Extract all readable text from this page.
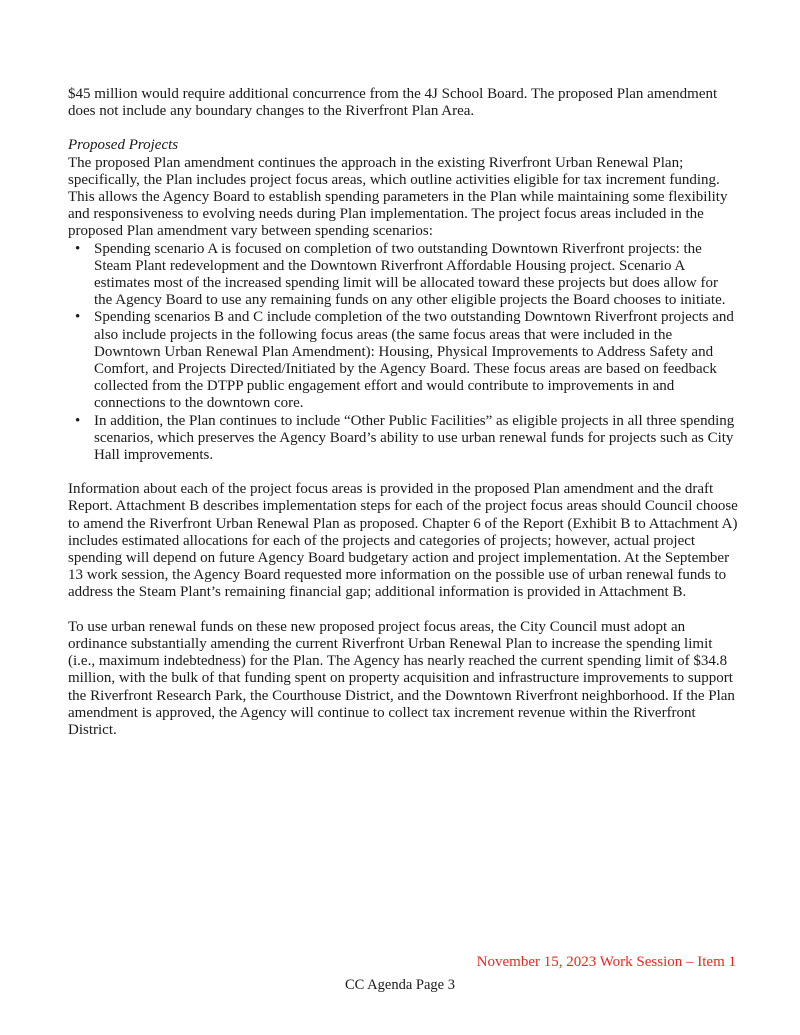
$45 million would require additional concurrence from the 4J School Board. The proposed Plan amendment does not include any boundary changes to the Riverfront Plan Area.

Proposed Projects

The proposed Plan amendment continues the approach in the existing Riverfront Urban Renewal Plan; specifically, the Plan includes project focus areas, which outline activities eligible for tax increment funding. This allows the Agency Board to establish spending parameters in the Plan while maintaining some flexibility and responsiveness to evolving needs during Plan implementation. The project focus areas included in the proposed Plan amendment vary between spending scenarios:

• Spending scenario A is focused on completion of two outstanding Downtown Riverfront projects: the Steam Plant redevelopment and the Downtown Riverfront Affordable Housing project. Scenario A estimates most of the increased spending limit will be allocated toward these projects but does allow for the Agency Board to use any remaining funds on any other eligible projects the Board chooses to initiate.
• Spending scenarios B and C include completion of the two outstanding Downtown Riverfront projects and also include projects in the following focus areas (the same focus areas that were included in the Downtown Urban Renewal Plan Amendment): Housing, Physical Improvements to Address Safety and Comfort, and Projects Directed/Initiated by the Agency Board. These focus areas are based on feedback collected from the DTPP public engagement effort and would contribute to improvements in and connections to the downtown core.
• In addition, the Plan continues to include “Other Public Facilities” as eligible projects in all three spending scenarios, which preserves the Agency Board’s ability to use urban renewal funds for projects such as City Hall improvements.

Information about each of the project focus areas is provided in the proposed Plan amendment and the draft Report. Attachment B describes implementation steps for each of the project focus areas should Council choose to amend the Riverfront Urban Renewal Plan as proposed. Chapter 6 of the Report (Exhibit B to Attachment A) includes estimated allocations for each of the projects and categories of projects; however, actual project spending will depend on future Agency Board budgetary action and project implementation. At the September 13 work session, the Agency Board requested more information on the possible use of urban renewal funds to address the Steam Plant’s remaining financial gap; additional information is provided in Attachment B.

To use urban renewal funds on these new proposed project focus areas, the City Council must adopt an ordinance substantially amending the current Riverfront Urban Renewal Plan to increase the spending limit (i.e., maximum indebtedness) for the Plan. The Agency has nearly reached the current spending limit of $34.8 million, with the bulk of that funding spent on property acquisition and infrastructure improvements to support the Riverfront Research Park, the Courthouse District, and the Downtown Riverfront neighborhood. If the Plan amendment is approved, the Agency will continue to collect tax increment revenue within the Riverfront District.

November 15, 2023 Work Session – Item 1
CC Agenda Page 3
